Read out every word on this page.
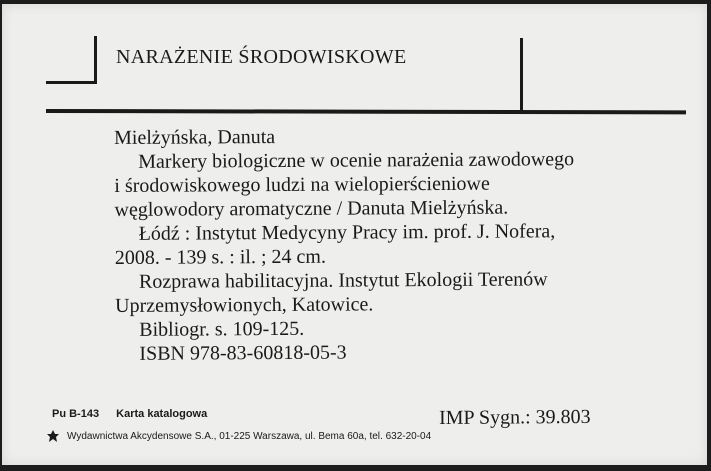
NARAŻENIE ŚRODOWISKOWE
Mielżyńska, Danuta
Markery biologiczne w ocenie narażenia zawodowego
i środowiskowego ludzi na wielopierścieniowe
węglowodory aromatyczne / Danuta Mielżyńska.
Łódź : Instytut Medycyny Pracy im. prof. J. Nofera,
2008. - 139 s. : il. ; 24 cm.
Rozprawa habilitacyjna. Instytut Ekologii Terenów
Uprzemysłowionych, Katowice.
Bibliogr. s. 109-125.
ISBN 978-83-60818-05-3
Pu B-143 Karta katalogowa
Wydawnictwa Akcydensowe S.A., 01-225 Warszawa, ul. Bema 60a, tel. 632-20-04
IMP Sygn.: 39.803
